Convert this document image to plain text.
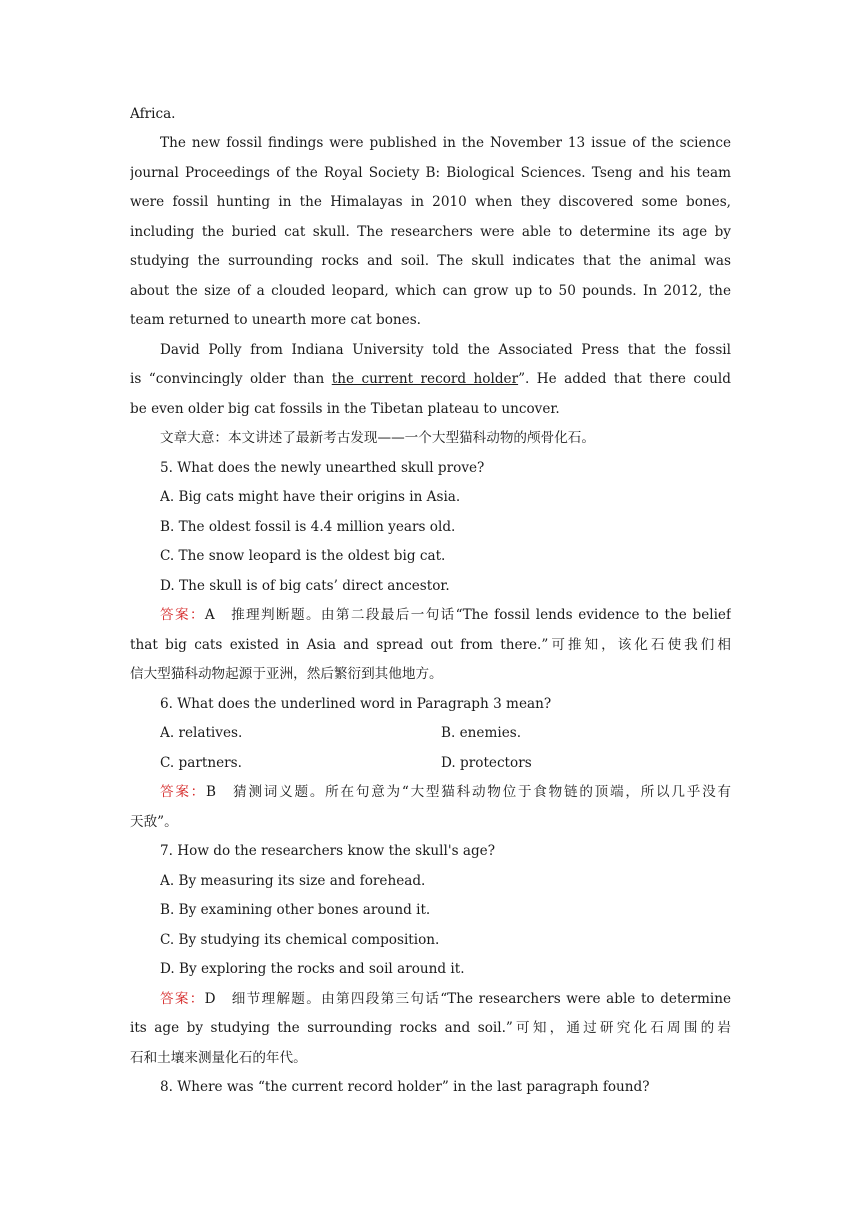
Africa.
The new fossil findings were published in the November 13 issue of the science
journal Proceedings of the Royal Society B: Biological Sciences. Tseng and his team
were fossil hunting in the Himalayas in 2010 when they discovered some bones,
including the buried cat skull. The researchers were able to determine its age by
studying the surrounding rocks and soil. The skull indicates that the animal was
about the size of a clouded leopard, which can grow up to 50 pounds. In 2012, the
team returned to unearth more cat bones.
David Polly from Indiana University told the Associated Press that the fossil
is “convincingly older than the current record holder”. He added that there could
be even older big cat fossils in the Tibetan plateau to uncover.
文章大意：本文讲述了最新考古发现——一个大型猫科动物的颅骨化石。
5. What does the newly unearthed skull prove?
A. Big cats might have their origins in Asia.
B. The oldest fossil is 4.4 million years old.
C. The snow leopard is the oldest big cat.
D. The skull is of big cats’ direct ancestor.
答案：A　推理判断题。由第二段最后一句话“The fossil lends evidence to the belief
that big cats existed in Asia and spread out from there.”可推知，该化石使我们相
信大型猫科动物起源于亚洲，然后繁衍到其他地方。
6. What does the underlined word in Paragraph 3 mean?
A. relatives.	B. enemies.
C. partners.	D. protectors
答案：B　猜测词义题。所在句意为“大型猫科动物位于食物链的顶端，所以几乎没有
天敌”。
7. How do the researchers know the skull's age?
A. By measuring its size and forehead.
B. By examining other bones around it.
C. By studying its chemical composition.
D. By exploring the rocks and soil around it.
答案：D　细节理解题。由第四段第三句话“The researchers were able to determine
its age by studying the surrounding rocks and soil.”可知，通过研究化石周围的岩
石和土壤来测量化石的年代。
8. Where was “the current record holder” in the last paragraph found?
